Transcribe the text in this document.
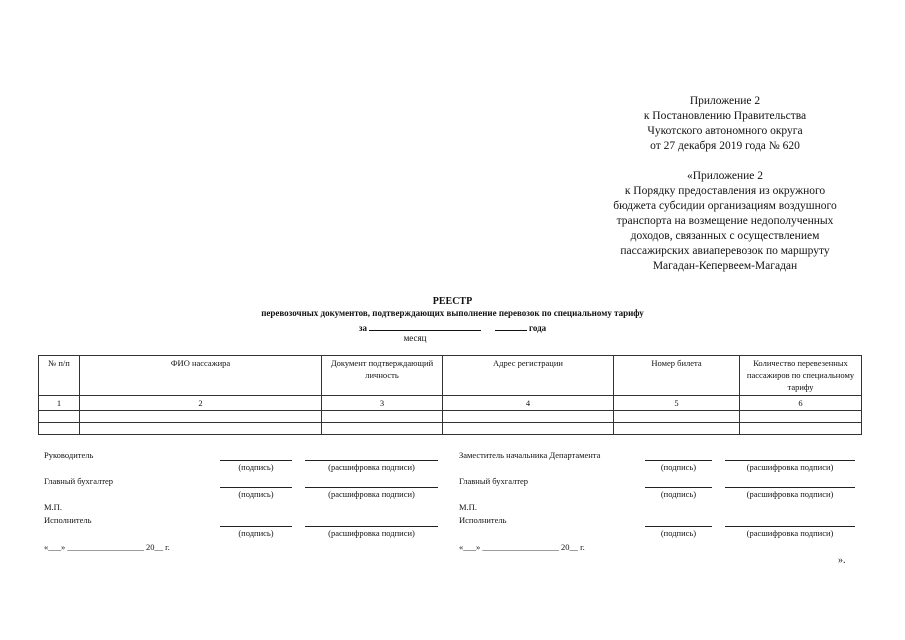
Приложение 2
к Постановлению Правительства
Чукотского автономного округа
от 27 декабря 2019 года № 620
«Приложение 2
к Порядку предоставления из окружного
бюджета субсидии организациям воздушного
транспорта на возмещение недополученных
доходов, связанных с осуществлением
пассажирских авиаперевозок по маршруту
Магадан-Кепервеем-Магадан
РЕЕСТР
перевозочных документов, подтверждающих выполнение перевозок по специальному тарифу
за	года
месяц
№ п/п	ФИО нассажира	Документ подтверждающий личность	Адрес регистрации	Номер билета	Количество перевезенных пассажиров по специальному тарифу
1	2	3	4	5	6

Руководитель
(подпись)	(расшифровка подписи)
Главный бухгалтер
(подпись)	(расшифровка подписи)
М.П.
Исполнитель
(подпись)	(расшифровка подписи)
«___» __________________ 20__ г.
Заместитель начальника Департамента
(подпись)	(расшифровка подписи)
Главный бухгалтер
(подпись)	(расшифровка подписи)
М.П.
Исполнитель
(подпись)	(расшифровка подписи)
«___» __________________ 20__ г.
».
